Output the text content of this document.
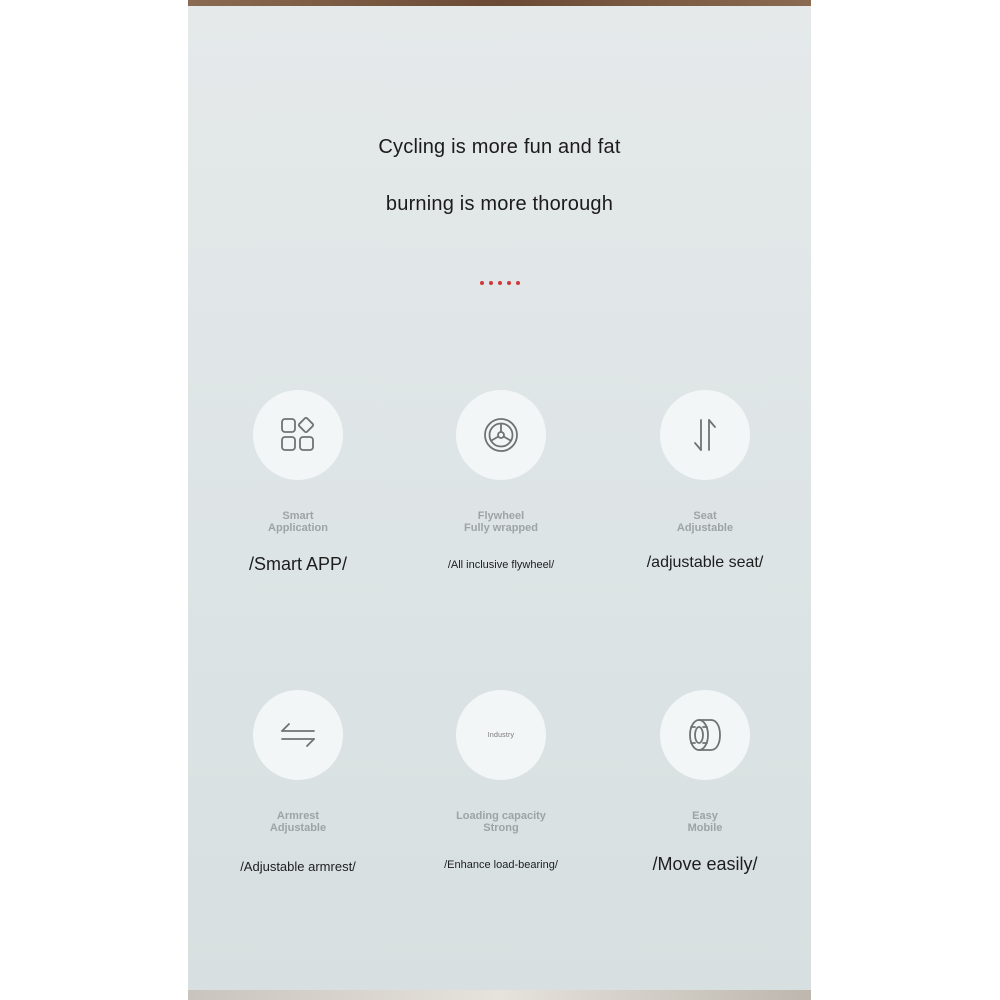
Cycling is more fun and fat
burning is more thorough
Smart
Application
/Smart APP/
Flywheel
Fully wrapped
/All inclusive flywheel/
Seat
Adjustable
/adjustable seat/
Armrest
Adjustable
/Adjustable armrest/
Industry
Loading capacity
Strong
/Enhance load-bearing/
Easy
Mobile
/Move easily/
